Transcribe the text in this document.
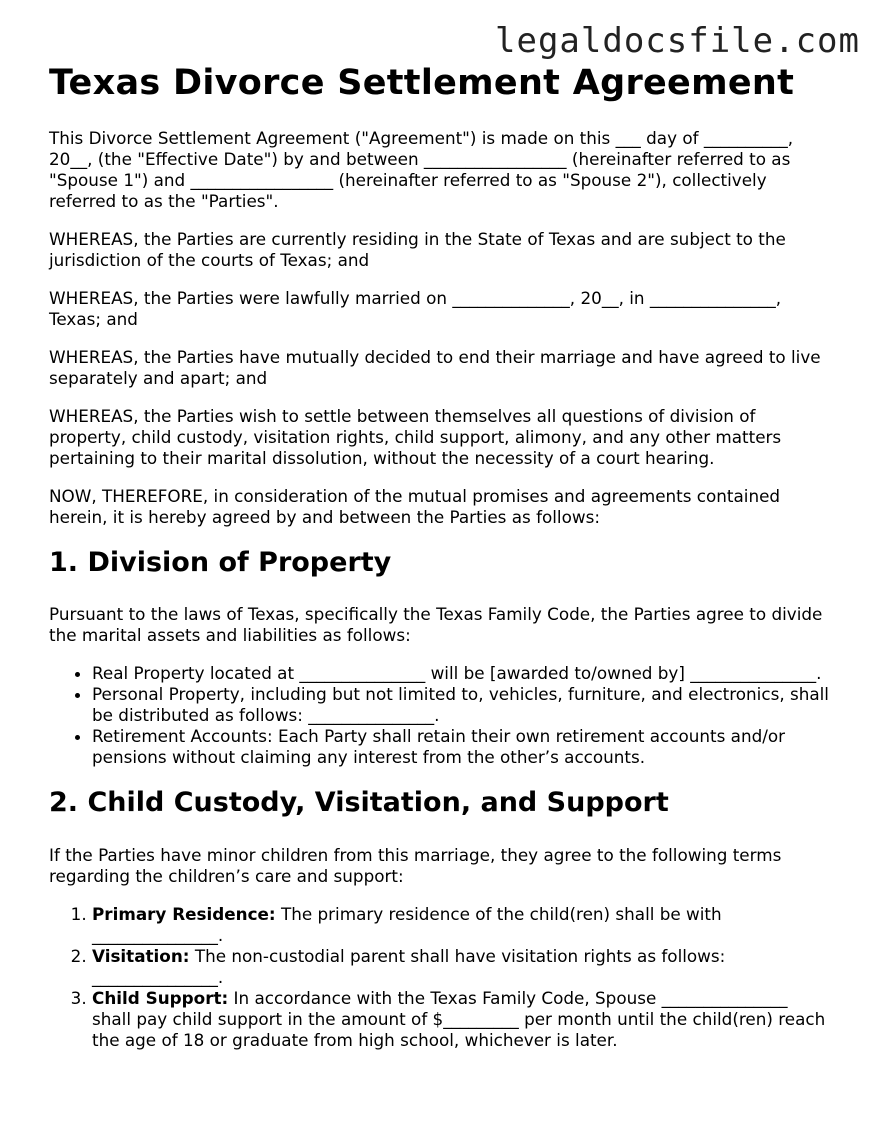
legaldocsfile.com
Texas Divorce Settlement Agreement

This Divorce Settlement Agreement ("Agreement") is made on this ___ day of __________, 20__, (the "Effective Date") by and between _________________ (hereinafter referred to as "Spouse 1") and _________________ (hereinafter referred to as "Spouse 2"), collectively referred to as the "Parties".

WHEREAS, the Parties are currently residing in the State of Texas and are subject to the jurisdiction of the courts of Texas; and

WHEREAS, the Parties were lawfully married on ______________, 20__, in _______________, Texas; and

WHEREAS, the Parties have mutually decided to end their marriage and have agreed to live separately and apart; and

WHEREAS, the Parties wish to settle between themselves all questions of division of property, child custody, visitation rights, child support, alimony, and any other matters pertaining to their marital dissolution, without the necessity of a court hearing.

NOW, THEREFORE, in consideration of the mutual promises and agreements contained herein, it is hereby agreed by and between the Parties as follows:

1. Division of Property

Pursuant to the laws of Texas, specifically the Texas Family Code, the Parties agree to divide the marital assets and liabilities as follows:

• Real Property located at _______________ will be [awarded to/owned by] _______________.
• Personal Property, including but not limited to, vehicles, furniture, and electronics, shall be distributed as follows: _______________.
• Retirement Accounts: Each Party shall retain their own retirement accounts and/or pensions without claiming any interest from the other’s accounts.
2. Child Custody, Visitation, and Support

If the Parties have minor children from this marriage, they agree to the following terms regarding the children’s care and support:

1. Primary Residence: The primary residence of the child(ren) shall be with _______________.
2. Visitation: The non-custodial parent shall have visitation rights as follows: _______________.
3. Child Support: In accordance with the Texas Family Code, Spouse _______________ shall pay child support in the amount of $_________ per month until the child(ren) reach the age of 18 or graduate from high school, whichever is later.
